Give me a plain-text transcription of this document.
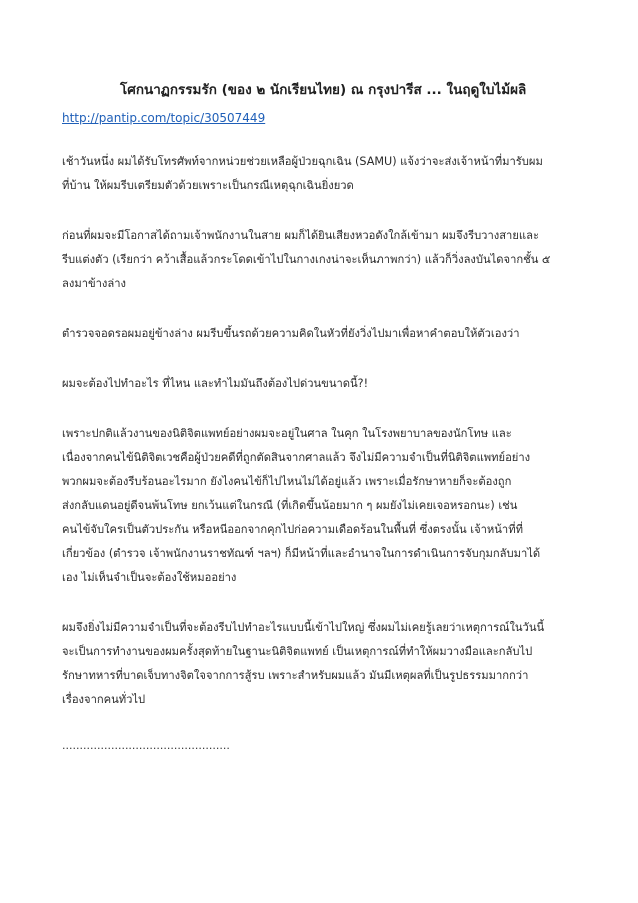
โศกนาฏกรรมรัก (ของ ๒ นักเรียนไทย) ณ กรุงปารีส ... ในฤดูใบไม้ผลิ
http://pantip.com/topic/30507449

เช้าวันหนึ่ง ผมได้รับโทรศัพท์จากหน่วยช่วยเหลือผู้ป่วยฉุกเฉิน (SAMU) แจ้งว่าจะส่งเจ้าหน้าที่มารับผม
ที่บ้าน ให้ผมรีบเตรียมตัวด้วยเพราะเป็นกรณีเหตุฉุกเฉินยิ่งยวด

ก่อนที่ผมจะมีโอกาสได้ถามเจ้าพนักงานในสาย ผมก็ได้ยินเสียงหวอดังใกล้เข้ามา ผมจึงรีบวางสายและ
รีบแต่งตัว (เรียกว่า คว้าเสื้อแล้วกระโดดเข้าไปในกางเกงน่าจะเห็นภาพกว่า) แล้วก็วิ่งลงบันไดจากชั้น ๕
ลงมาข้างล่าง

ตำรวจจอดรอผมอยู่ข้างล่าง ผมรีบขึ้นรถด้วยความคิดในหัวที่ยังวิ่งไปมาเพื่อหาคำตอบให้ตัวเองว่า

ผมจะต้องไปทำอะไร ที่ไหน และทำไมมันถึงต้องไปด่วนขนาดนี้?!

เพราะปกติแล้วงานของนิติจิตแพทย์อย่างผมจะอยู่ในศาล ในคุก ในโรงพยาบาลของนักโทษ และ
เนื่องจากคนไข้นิติจิตเวชคือผู้ป่วยคดีที่ถูกตัดสินจากศาลแล้ว จึงไม่มีความจำเป็นที่นิติจิตแพทย์อย่าง
พวกผมจะต้องรีบร้อนอะไรมาก ยังไงคนไข้ก็ไปไหนไม่ได้อยู่แล้ว เพราะเมื่อรักษาหายก็จะต้องถูก
ส่งกลับแดนอยู่ดีจนพ้นโทษ ยกเว้นแต่ในกรณี (ที่เกิดขึ้นน้อยมาก ๆ ผมยังไม่เคยเจอหรอกนะ) เช่น
คนไข้จับใครเป็นตัวประกัน หรือหนีออกจากคุกไปก่อความเดือดร้อนในพื้นที่ ซึ่งตรงนั้น เจ้าหน้าที่ที่
เกี่ยวข้อง (ตำรวจ เจ้าพนักงานราชทัณฑ์ ฯลฯ) ก็มีหน้าที่และอำนาจในการดำเนินการจับกุมกลับมาได้
เอง ไม่เห็นจำเป็นจะต้องใช้หมออย่าง

ผมจึงยิ่งไม่มีความจำเป็นที่จะต้องรีบไปทำอะไรแบบนี้เข้าไปใหญ่ ซึ่งผมไม่เคยรู้เลยว่าเหตุการณ์ในวันนี้
จะเป็นการทำงานของผมครั้งสุดท้ายในฐานะนิติจิตแพทย์ เป็นเหตุการณ์ที่ทำให้ผมวางมือและกลับไป
รักษาทหารที่บาดเจ็บทางจิตใจจากการสู้รบ เพราะสำหรับผมแล้ว มันมีเหตุผลที่เป็นรูปธรรมมากกว่า
เรื่องจากคนทั่วไป

................................................
